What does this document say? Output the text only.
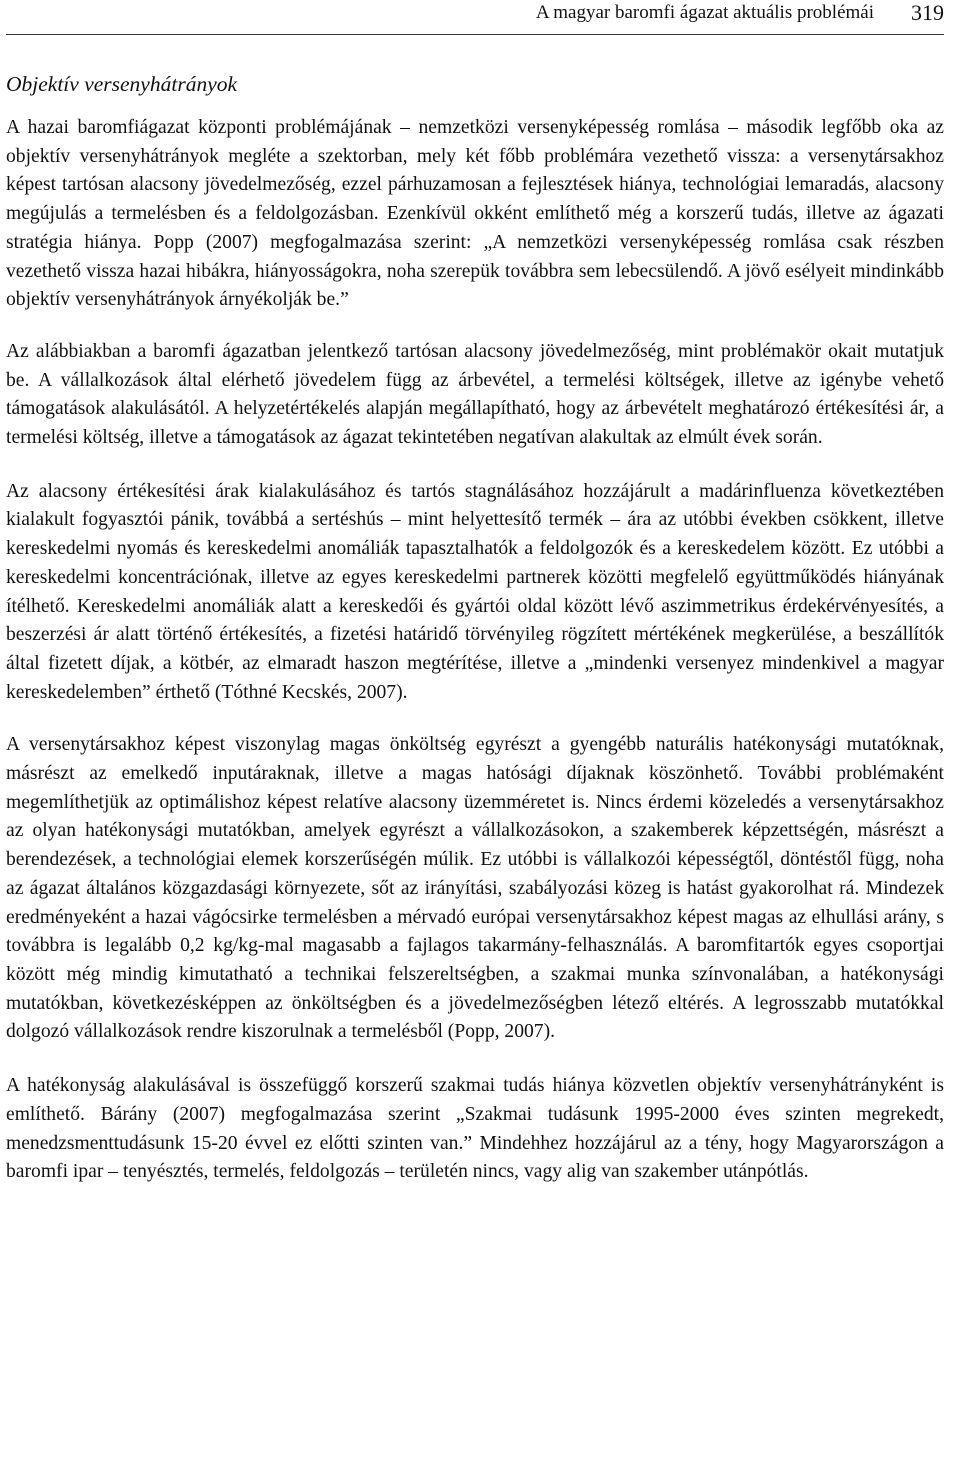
A magyar baromfi ágazat aktuális problémái 319
Objektív versenyhátrányok

A hazai baromfiágazat központi problémájának – nemzetközi versenyképesség romlása – második legfőbb oka az objektív versenyhátrányok megléte a szektorban, mely két főbb problémára vezethető vissza: a versenytársakhoz képest tartósan alacsony jövedelmezőség, ezzel párhuzamosan a fejlesztések hiánya, technológiai lemaradás, alacsony megújulás a termelésben és a feldolgozásban. Ezenkívül okként említhető még a korszerű tudás, illetve az ágazati stratégia hiánya. Popp (2007) megfogalmazása szerint: „A nemzetközi versenyképesség romlása csak részben vezethető vissza hazai hibákra, hiányosságokra, noha szerepük továbbra sem lebecsülendő. A jövő esélyeit mindinkább objektív versenyhátrányok árnyékolják be.”

Az alábbiakban a baromfi ágazatban jelentkező tartósan alacsony jövedelmezőség, mint problémakör okait mutatjuk be. A vállalkozások által elérhető jövedelem függ az árbevétel, a termelési költségek, illetve az igénybe vehető támogatások alakulásától. A helyzetértékelés alapján megállapítható, hogy az árbevételt meghatározó értékesítési ár, a termelési költség, illetve a támogatások az ágazat tekintetében negatívan alakultak az elmúlt évek során.

Az alacsony értékesítési árak kialakulásához és tartós stagnálásához hozzájárult a madárinfluenza következtében kialakult fogyasztói pánik, továbbá a sertéshús – mint helyettesítő termék – ára az utóbbi években csökkent, illetve kereskedelmi nyomás és kereskedelmi anomáliák tapasztalhatók a feldolgozók és a kereskedelem között. Ez utóbbi a kereskedelmi koncentrációnak, illetve az egyes kereskedelmi partnerek közötti megfelelő együttműködés hiányának ítélhető. Kereskedelmi anomáliák alatt a kereskedői és gyártói oldal között lévő aszimmetrikus érdekérvényesítés, a beszerzési ár alatt történő értékesítés, a fizetési határidő törvényileg rögzített mértékének megkerülése, a beszállítók által fizetett díjak, a kötbér, az elmaradt haszon megtérítése, illetve a „mindenki versenyez mindenkivel a magyar kereskedelemben” érthető (Tóthné Kecskés, 2007).

A versenytársakhoz képest viszonylag magas önköltség egyrészt a gyengébb naturális hatékonysági mutatóknak, másrészt az emelkedő inputáraknak, illetve a magas hatósági díjaknak köszönhető. További problémaként megemlíthetjük az optimálishoz képest relatíve alacsony üzemméretet is. Nincs érdemi közeledés a versenytársakhoz az olyan hatékonysági mutatókban, amelyek egyrészt a vállalkozásokon, a szakemberek képzettségén, másrészt a berendezések, a technológiai elemek korszerűségén múlik. Ez utóbbi is vállalkozói képességtől, döntéstől függ, noha az ágazat általános közgazdasági környezete, sőt az irányítási, szabályozási közeg is hatást gyakorolhat rá. Mindezek eredményeként a hazai vágócsirke termelésben a mérvadó európai versenytársakhoz képest magas az elhullási arány, s továbbra is legalább 0,2 kg/kg-mal magasabb a fajlagos takarmány-felhasználás. A baromfitartók egyes csoportjai között még mindig kimutatható a technikai felszereltségben, a szakmai munka színvonalában, a hatékonysági mutatókban, következésképpen az önköltségben és a jövedelmezőségben létező eltérés. A legrosszabb mutatókkal dolgozó vállalkozások rendre kiszorulnak a termelésből (Popp, 2007).

A hatékonyság alakulásával is összefüggő korszerű szakmai tudás hiánya közvetlen objektív versenyhátrányként is említhető. Bárány (2007) megfogalmazása szerint „Szakmai tudásunk 1995-2000 éves szinten megrekedt, menedzsmenttudásunk 15-20 évvel ez előtti szinten van.” Mindehhez hozzájárul az a tény, hogy Magyarországon a baromfi ipar – tenyésztés, termelés, feldolgozás – területén nincs, vagy alig van szakember utánpótlás.
